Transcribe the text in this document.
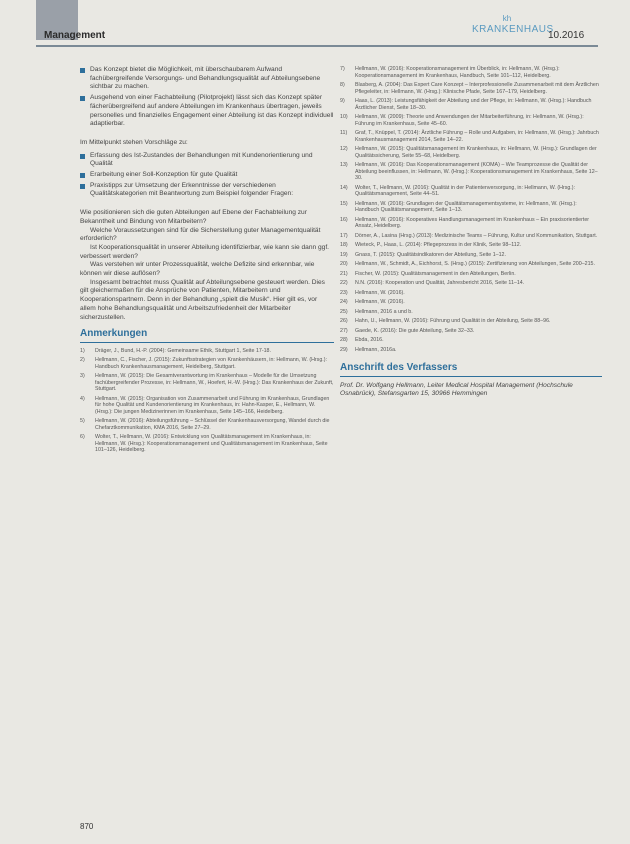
Management
kh
KRANKENHAUS
10.2016
Das Konzept bietet die Möglichkeit, mit überschaubarem Aufwand fachübergreifende Versorgungs- und Behandlungsqualität auf Abteilungsebene sichtbar zu machen.
Ausgehend von einer Fachabteilung (Pilotprojekt) lässt sich das Konzept später fächerübergreifend auf andere Abteilungen im Krankenhaus übertragen, jeweils personelles und finanzielles Engagement einer Abteilung ist das Konzept individuell adaptierbar.

Im Mittelpunkt stehen Vorschläge zu:

Erfassung des Ist-Zustandes der Behandlungen mit Kundenorientierung und Qualität
Erarbeitung einer Soll-Konzeption für gute Qualität
Praxistipps zur Umsetzung der Erkenntnisse der verschiedenen Qualitätskategorien mit Beantwortung zum Beispiel folgender Fragen:

Wie positionieren sich die guten Abteilungen auf Ebene der Fachabteilung zur Bekanntheit und Bindung von Mitarbeitern?

Welche Voraussetzungen sind für die Sicherstellung guter Managementqualität erforderlich?

Ist Kooperationsqualität in unserer Abteilung identifizierbar, wie kann sie dann ggf. verbessert werden?

Was verstehen wir unter Prozessqualität, welche Defizite sind erkennbar, wie können wir diese auflösen?

Insgesamt betrachtet muss Qualität auf Abteilungsebene gesteuert werden. Dies gilt gleichermaßen für die Ansprüche von Patienten, Mitarbeitern und Kooperationspartnern. Denn in der Behandlung „spielt die Musik“. Hier gilt es, vor allem hohe Behandlungsqualität und Arbeitszufriedenheit der Mitarbeiter sicherzustellen.

Anmerkungen
1) Dräger, J., Bund, H.-P. (2004): Gemeinsame Ethik, Stuttgart 1, Seite 17-18.
2) Hellmann, C., Fischer, J. (2015): Zukunftsstrategien von Krankenhäusern, in: Hellmann, W. (Hrsg.): Handbuch Krankenhausmanagement, Heidelberg, Stuttgart.
3) Hellmann, W. (2015): Die Gesamtverantwortung im Krankenhaus – Modelle für die Umsetzung fachübergreifender Prozesse, in: Hellmann, W., Hoefert, H.-W. (Hrsg.): Das Krankenhaus der Zukunft, Stuttgart.
4) Hellmann, W. (2015): Organisation von Zusammenarbeit und Führung im Krankenhaus, Grundlagen für hohe Qualität und Kundenorientierung im Krankenhaus, in: Hahn-Kasper, E., Hellmann, W. (Hrsg.): Die jungen Medizinerinnen im Krankenhaus, Seite 145–166, Heidelberg.
5) Hellmann, W. (2016): Abteilungsführung – Schlüssel der Krankenhausversorgung, Wandel durch die Chefarztkommunikation, KMA 2016, Seite 27–29.
6) Wolter, T., Hellmann, W. (2016): Entwicklung von Qualitätsmanagement im Krankenhaus, in: Hellmann, W. (Hrsg.): Kooperationsmanagement und Qualitätsmanagement im Krankenhaus, Seite 101–126, Heidelberg.
7) Hellmann, W. (2016): Kooperationsmanagement im Überblick, in: Hellmann, W. (Hrsg.): Kooperationsmanagement im Krankenhaus, Handbuch, Seite 101–112, Heidelberg.
8) Blasberg, A. (2004): Das Expert Care Konzept – Interprofessionelle Zusammenarbeit mit dem Ärztlichen Pflegeleiter, in: Hellmann, W. (Hrsg.): Klinische Pfade, Seite 167–179, Heidelberg.
9) Haas, L. (2013): Leistungsfähigkeit der Abteilung und der Pflege, in: Hellmann, W. (Hrsg.): Handbuch Ärztlicher Dienst, Seite 18–30.
10) Hellmann, W. (2009): Theorie und Anwendungen der Mitarbeiterführung, in: Hellmann, W. (Hrsg.): Führung im Krankenhaus, Seite 45–60.
11) Graf, T., Knüppel, T. (2014): Ärztliche Führung – Rolle und Aufgaben, in: Hellmann, W. (Hrsg.): Jahrbuch Krankenhausmanagement 2014, Seite 14–22.
12) Hellmann, W. (2015): Qualitätsmanagement im Krankenhaus, in: Hellmann, W. (Hrsg.): Grundlagen der Qualitätssicherung, Seite 55–68, Heidelberg.
13) Hellmann, W. (2016): Das Kooperationsmanagement (KOMA) – Wie Teamprozesse die Qualität der Abteilung beeinflussen, in: Hellmann, W. (Hrsg.): Kooperationsmanagement im Krankenhaus, Seite 12–30.
14) Wolter, T., Hellmann, W. (2016): Qualität in der Patientenversorgung, in: Hellmann, W. (Hrsg.): Qualitätsmanagement, Seite 44–51.
15) Hellmann, W. (2016): Grundlagen der Qualitätsmanagementsysteme, in: Hellmann, W. (Hrsg.): Handbuch Qualitätsmanagement, Seite 1–13.
16) Hellmann, W. (2016): Kooperatives Handlungsmanagement im Krankenhaus – Ein praxisorientierter Ansatz, Heidelberg.
17) Dörner, A., Lasina (Hrsg.) (2013): Medizinische Teams – Führung, Kultur und Kommunikation, Stuttgart.
18) Wieteck, P., Haas, L. (2014): Pflegeprozess in der Klinik, Seite 98–112.
19) Gnass, T. (2015): Qualitätsindikatoren der Abteilung, Seite 1–12.
20) Hellmann, W., Schmidt, A., Eichhorst, S. (Hrsg.) (2015): Zertifizierung von Abteilungen, Seite 200–215.
21) Fischer, W. (2015): Qualitätsmanagement in den Abteilungen, Berlin.
22) N.N. (2016): Kooperation und Qualität, Jahresbericht 2016, Seite 11–14.
23) Hellmann, W. (2016).
24) Hellmann, W. (2016).
25) Hellmann, 2016 a und b.
26) Hahn, U., Hellmann, W. (2016): Führung und Qualität in der Abteilung, Seite 88–96.
27) Gaede, K. (2016): Die gute Abteilung, Seite 32–33.
28) Ebda, 2016.
29) Hellmann, 2016a.
Anschrift des Verfassers
Prof. Dr. Wolfgang Hellmann, Leiter Medical Hospital Management (Hochschule Osnabrück), Stefansgarten 15, 30966 Hemmingen
870
